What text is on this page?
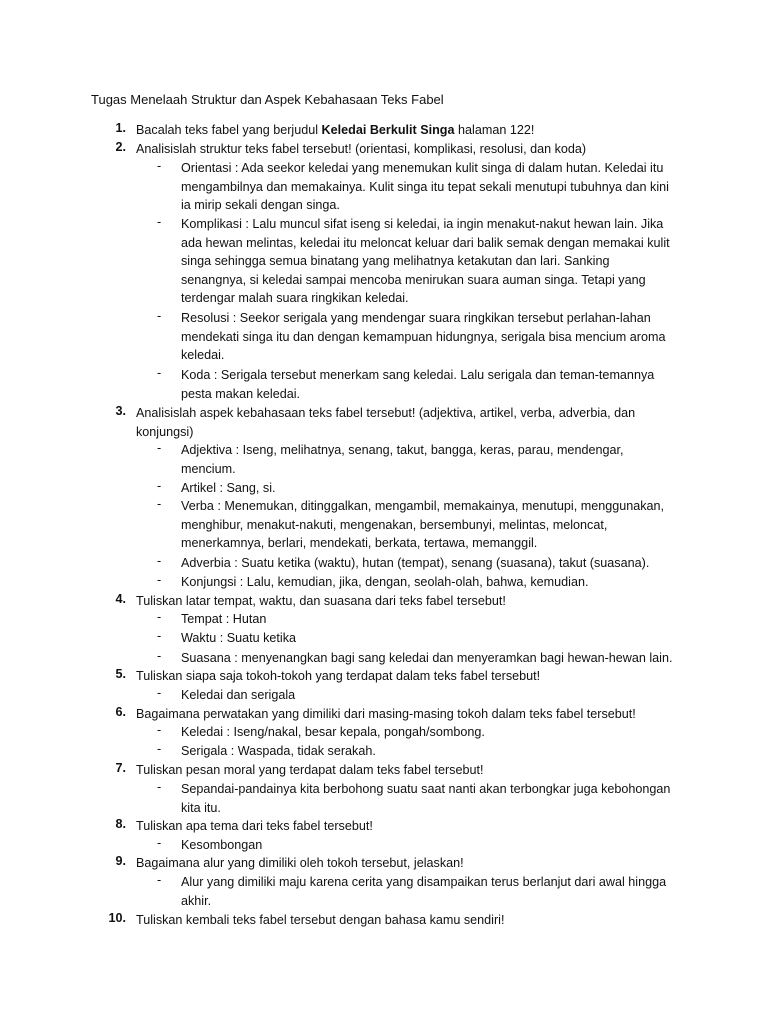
Tugas Menelaah Struktur dan Aspek Kebahasaan Teks Fabel
1. Bacalah teks fabel yang berjudul Keledai Berkulit Singa halaman 122!
2. Analisislah struktur teks fabel tersebut! (orientasi, komplikasi, resolusi, dan koda)
- Orientasi : Ada seekor keledai yang menemukan kulit singa di dalam hutan. Keledai itu mengambilnya dan memakainya. Kulit singa itu tepat sekali menutupi tubuhnya dan kini ia mirip sekali dengan singa.
- Komplikasi : Lalu muncul sifat iseng si keledai, ia ingin menakut-nakut hewan lain. Jika ada hewan melintas, keledai itu meloncat keluar dari balik semak dengan memakai kulit singa sehingga semua binatang yang melihatnya ketakutan dan lari. Sanking senangnya, si keledai sampai mencoba menirukan suara auman singa. Tetapi yang terdengar malah suara ringkikan keledai.
- Resolusi : Seekor serigala yang mendengar suara ringkikan tersebut perlahan-lahan mendekati singa itu dan dengan kemampuan hidungnya, serigala bisa mencium aroma keledai.
- Koda : Serigala tersebut menerkam sang keledai. Lalu serigala dan teman-temannya pesta makan keledai.
3. Analisislah aspek kebahasaan teks fabel tersebut! (adjektiva, artikel, verba, adverbia, dan konjungsi)
- Adjektiva : Iseng, melihatnya, senang, takut, bangga, keras, parau, mendengar, mencium.
- Artikel : Sang, si.
- Verba : Menemukan, ditinggalkan, mengambil, memakainya, menutupi, menggunakan, menghibur, menakut-nakuti, mengenakan, bersembunyi, melintas, meloncat, menerkamnya, berlari, mendekati, berkata, tertawa, memanggil.
- Adverbia : Suatu ketika (waktu), hutan (tempat), senang (suasana), takut (suasana).
- Konjungsi : Lalu, kemudian, jika, dengan, seolah-olah, bahwa, kemudian.
4. Tuliskan latar tempat, waktu, dan suasana dari teks fabel tersebut!
- Tempat : Hutan
- Waktu : Suatu ketika
- Suasana : menyenangkan bagi sang keledai dan menyeramkan bagi hewan-hewan lain.
5. Tuliskan siapa saja tokoh-tokoh yang terdapat dalam teks fabel tersebut!
- Keledai dan serigala
6. Bagaimana perwatakan yang dimiliki dari masing-masing tokoh dalam teks fabel tersebut!
- Keledai : Iseng/nakal, besar kepala, pongah/sombong.
- Serigala : Waspada, tidak serakah.
7. Tuliskan pesan moral yang terdapat dalam teks fabel tersebut!
- Sepandai-pandainya kita berbohong suatu saat nanti akan terbongkar juga kebohongan kita itu.
8. Tuliskan apa tema dari teks fabel tersebut!
- Kesombongan
9. Bagaimana alur yang dimiliki oleh tokoh tersebut, jelaskan!
- Alur yang dimiliki maju karena cerita yang disampaikan terus berlanjut dari awal hingga akhir.
10. Tuliskan kembali teks fabel tersebut dengan bahasa kamu sendiri!
